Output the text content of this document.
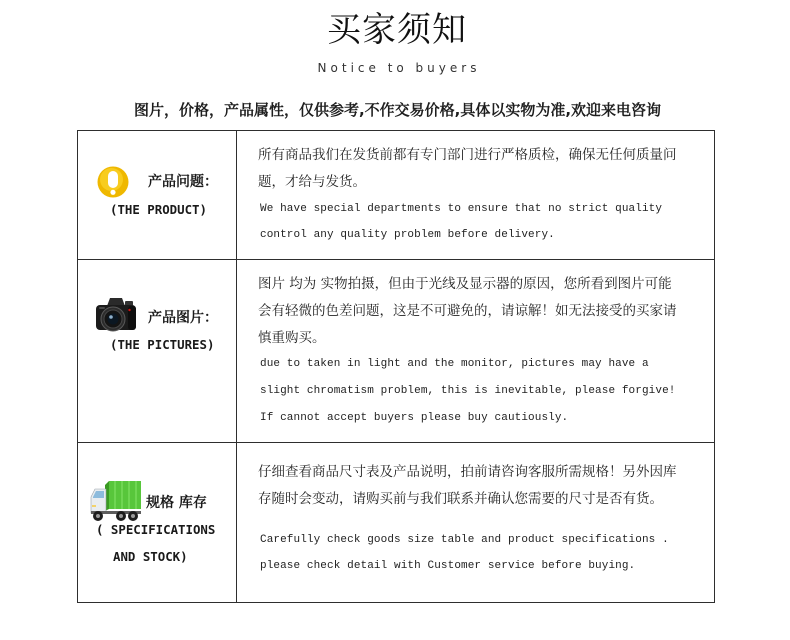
买家须知
Notice to buyers
图片，价格，产品属性，仅供参考,不作交易价格,具体以实物为准,欢迎来电咨询
产品问题：
(THE PRODUCT)
所有商品我们在发货前都有专门部门进行严格质检，确保无任何质量问
题，才给与发货。
We have special departments to ensure that no strict quality
control any quality problem before delivery.
产品图片：
(THE PICTURES)
图片 均为 实物拍摄，但由于光线及显示器的原因，您所看到图片可能
会有轻微的色差问题，这是不可避免的，请谅解！如无法接受的买家请
慎重购买。
due to taken in light and the monitor, pictures may have a
slight chromatism problem, this is inevitable, please forgive!
If cannot accept buyers please buy cautiously.
规格 库存
( SPECIFICATIONS
AND STOCK)
仔细查看商品尺寸表及产品说明，拍前请咨询客服所需规格！另外因库
存随时会变动，请购买前与我们联系并确认您需要的尺寸是否有货。
Carefully check goods size table and product specifications .
please check detail with Customer service before buying.
